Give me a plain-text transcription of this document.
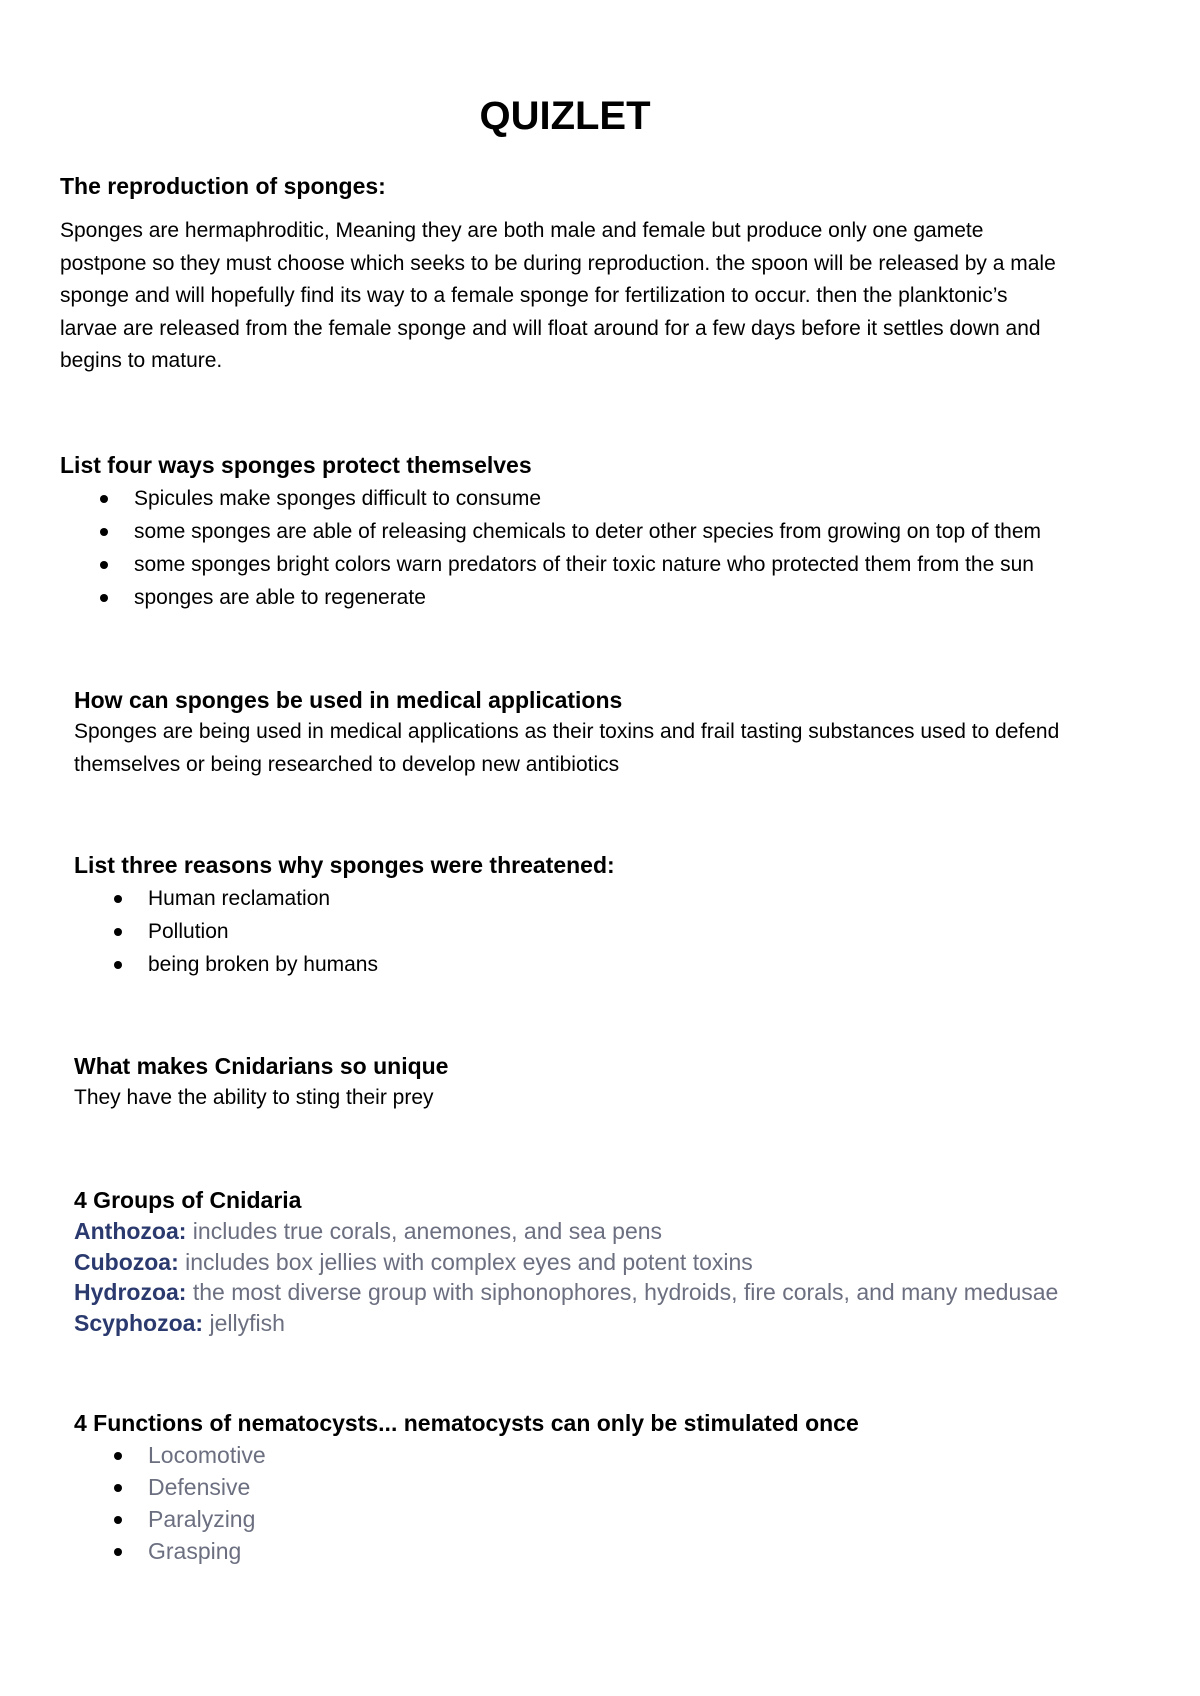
QUIZLET

The reproduction of sponges:

Sponges are hermaphroditic, Meaning they are both male and female but produce only one gamete

postpone so they must choose which seeks to be during reproduction. the spoon will be released by a male

sponge and will hopefully find its way to a female sponge for fertilization to occur. then the planktonic’s

larvae are released from the female sponge and will float around for a few days before it settles down and

begins to mature.

List four ways sponges protect themselves

Spicules make sponges difficult to consume
some sponges are able of releasing chemicals to deter other species from growing on top of them
some sponges bright colors warn predators of their toxic nature who protected them from the sun
sponges are able to regenerate

How can sponges be used in medical applications

Sponges are being used in medical applications as their toxins and frail tasting substances used to defend

themselves or being researched to develop new antibiotics

List three reasons why sponges were threatened:

Human reclamation
Pollution
being broken by humans

What makes Cnidarians so unique

They have the ability to sting their prey

4 Groups of Cnidaria

Anthozoa: includes true corals, anemones, and sea pens
Cubozoa: includes box jellies with complex eyes and potent toxins
Hydrozoa: the most diverse group with siphonophores, hydroids, fire corals, and many medusae
Scyphozoa: jellyfish

4 Functions of nematocysts... nematocysts can only be stimulated once

Locomotive
Defensive
Paralyzing
Grasping
